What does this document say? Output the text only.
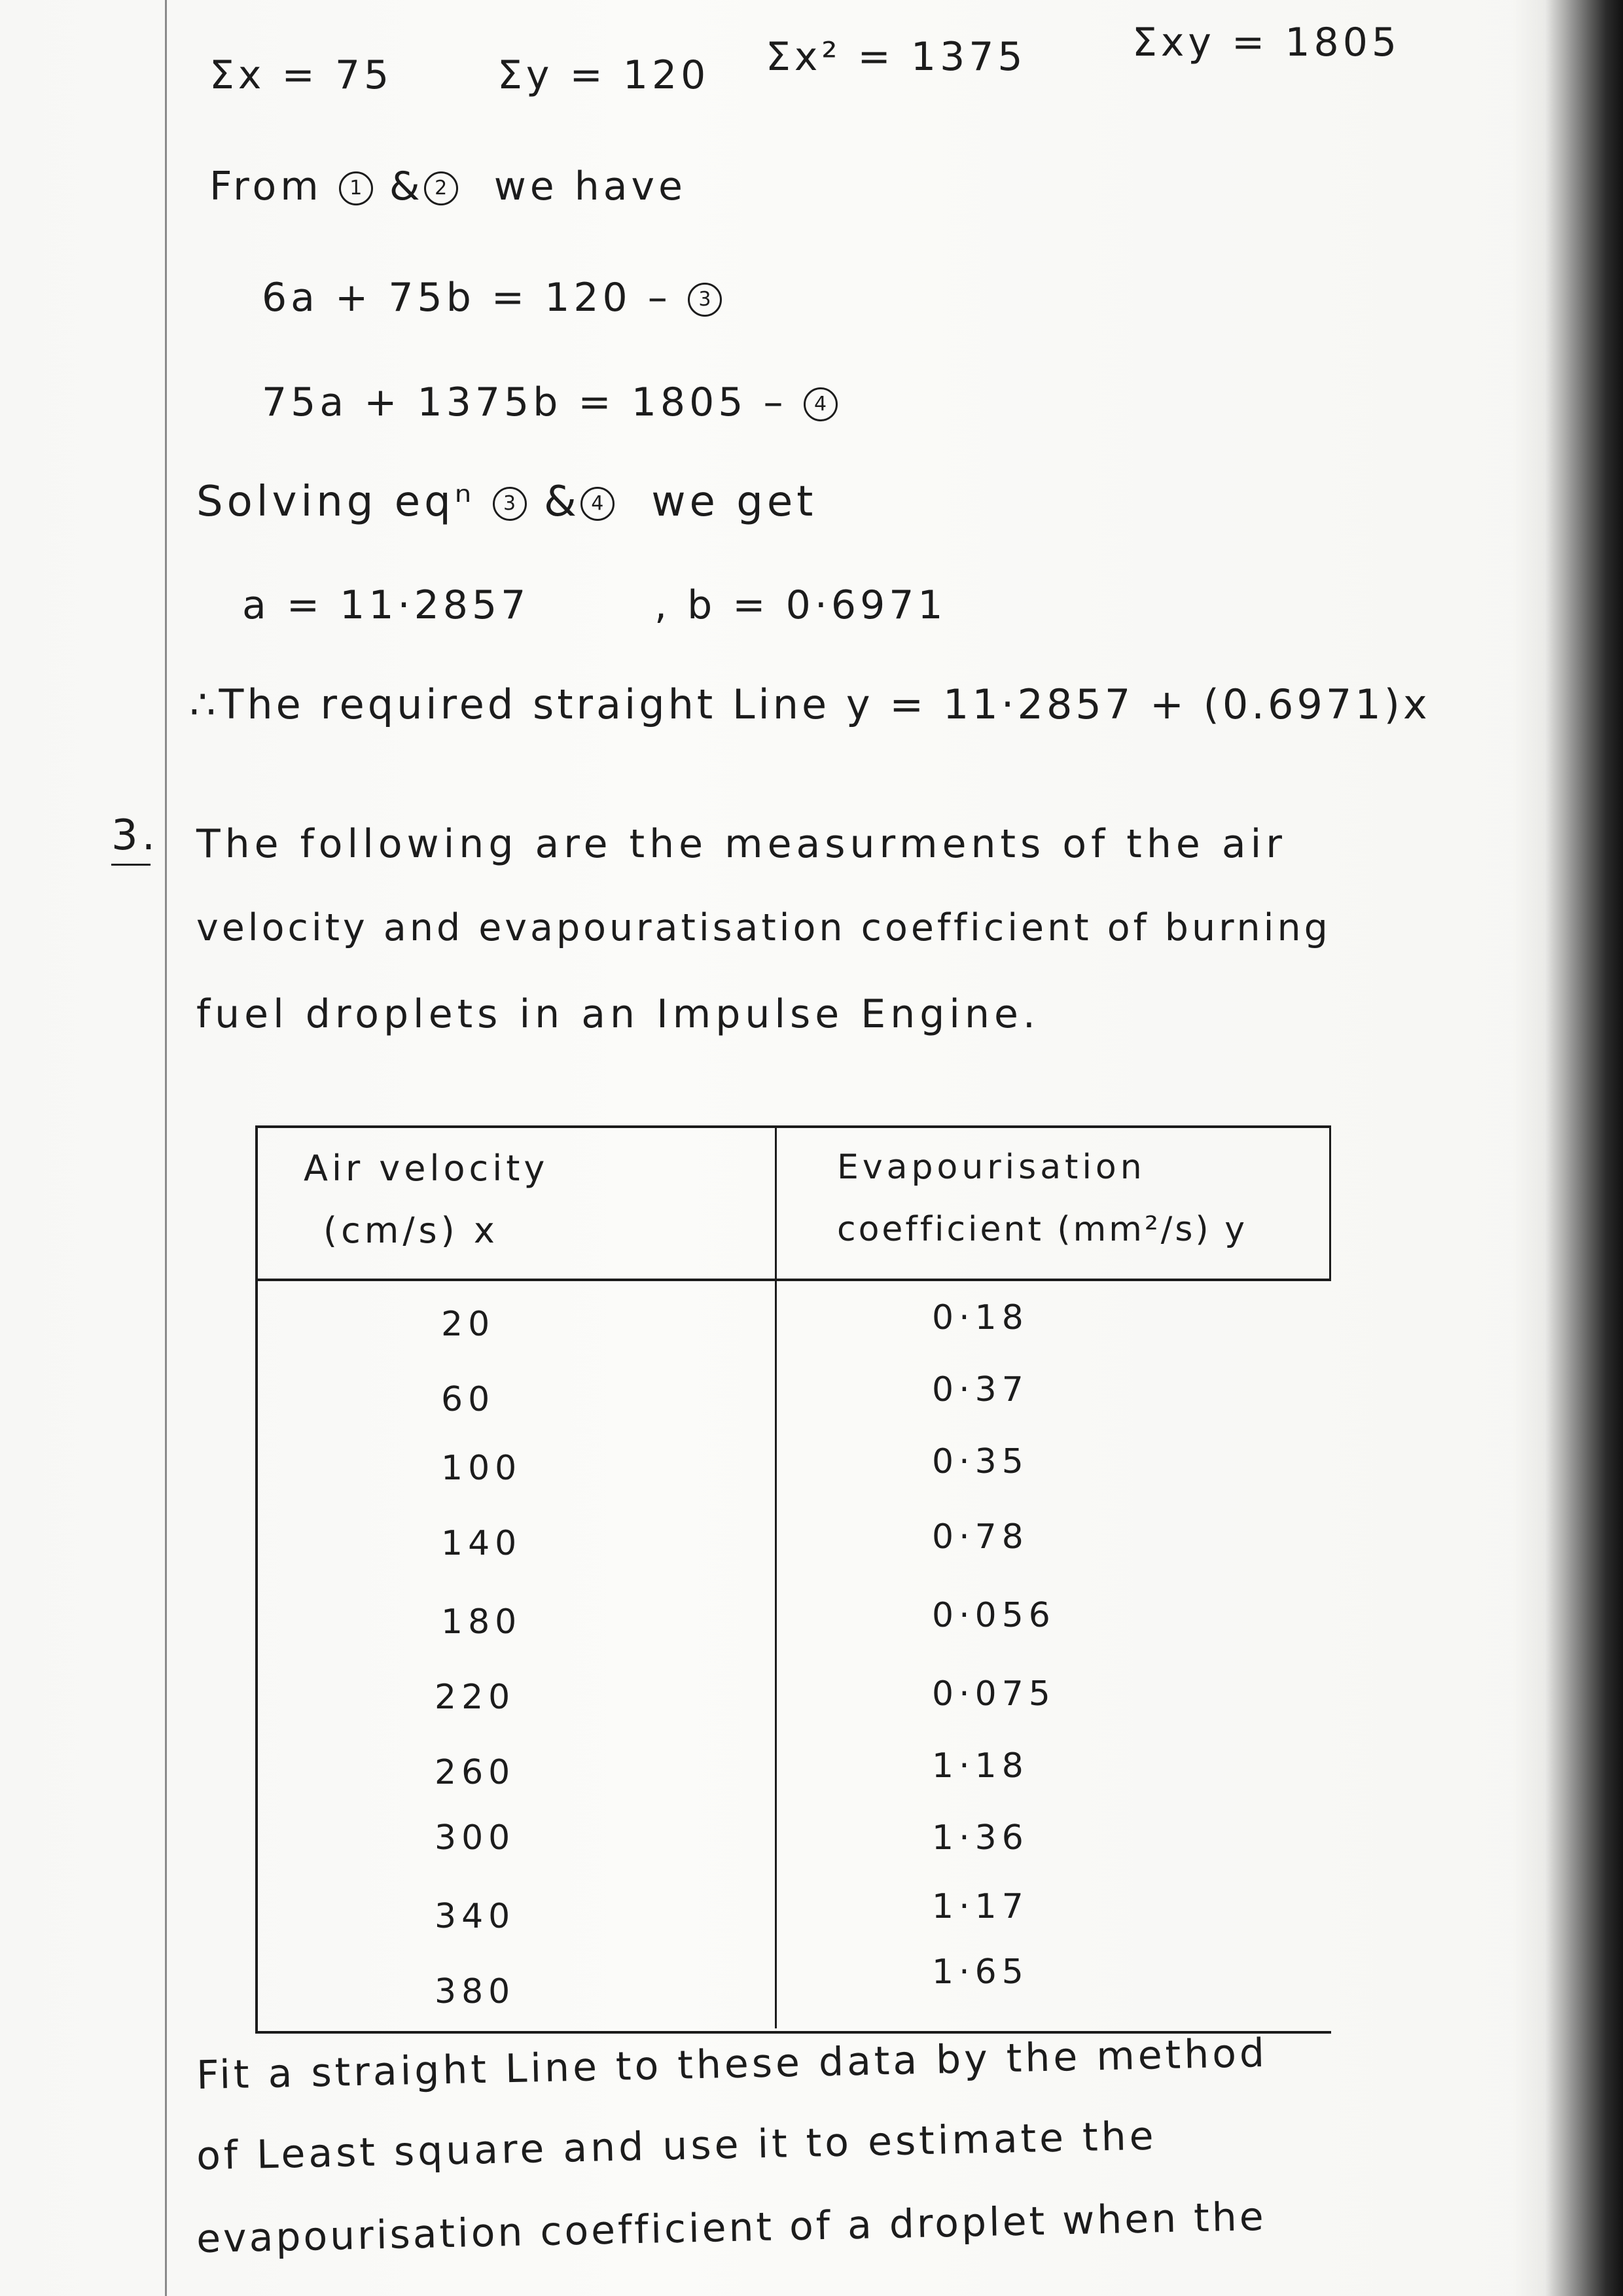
Σx = 75	Σy = 120 Σx² = 1375	Σxy = 1805
From 1 & 2 we have
6a + 75b = 120 – 3
75a + 1375b = 1805 – 4
Solving eqⁿ 3 & 4 we get
a = 11·2857	, b = 0·6971
∴The required straight Line y = 11·2857 + (0.6971)x
3. The following are the measurments of the air
velocity and evapouratisation coefficient of burning
fuel droplets in an Impulse Engine.
Air velocity
(cm/s) x
Evapourisation
coefficient (mm²/s) y
20	0·18
60	0·37
100	0·35
140	0·78
180	0·056
220	0·075
260	1·18
300	1·36
340	1·17
380	1·65
Fit a straight Line to these data by the method
of Least square and use it to estimate the
evapourisation coefficient of a droplet when the
